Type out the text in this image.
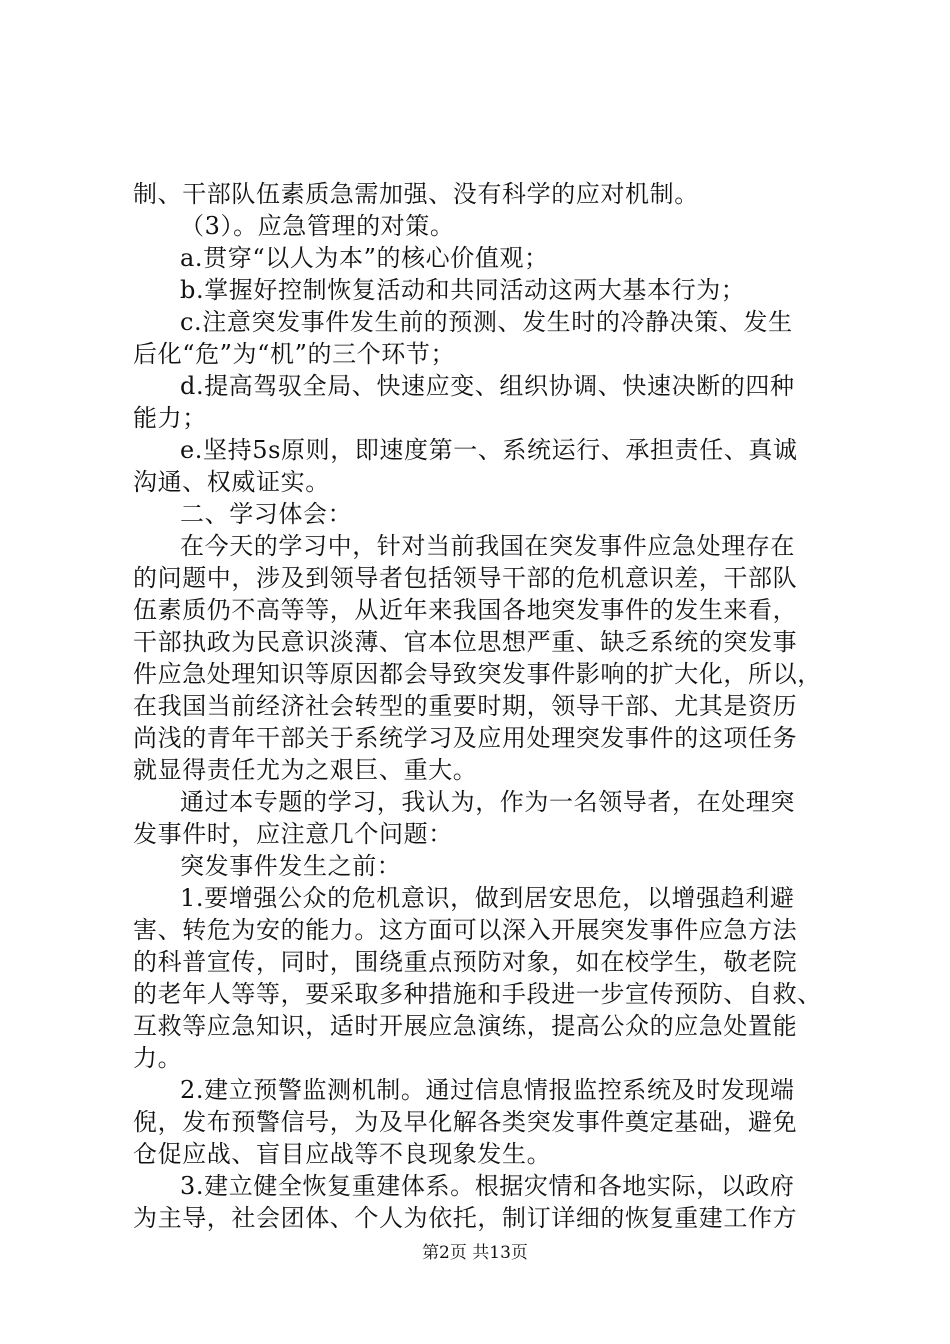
制、干部队伍素质急需加强、没有科学的应对机制。
（3）。应急管理的对策。
a.贯穿“以人为本”的核心价值观；
b.掌握好控制恢复活动和共同活动这两大基本行为；
c.注意突发事件发生前的预测、发生时的冷静决策、发生
后化“危”为“机”的三个环节；
d.提高驾驭全局、快速应变、组织协调、快速决断的四种
能力；
e.坚持5s原则，即速度第一、系统运行、承担责任、真诚
沟通、权威证实。
二、学习体会：
在今天的学习中，针对当前我国在突发事件应急处理存在
的问题中，涉及到领导者包括领导干部的危机意识差，干部队
伍素质仍不高等等，从近年来我国各地突发事件的发生来看，
干部执政为民意识淡薄、官本位思想严重、缺乏系统的突发事
件应急处理知识等原因都会导致突发事件影响的扩大化，所以，
在我国当前经济社会转型的重要时期，领导干部、尤其是资历
尚浅的青年干部关于系统学习及应用处理突发事件的这项任务
就显得责任尤为之艰巨、重大。
通过本专题的学习，我认为，作为一名领导者，在处理突
发事件时，应注意几个问题：
突发事件发生之前：
1.要增强公众的危机意识，做到居安思危，以增强趋利避
害、转危为安的能力。这方面可以深入开展突发事件应急方法
的科普宣传，同时，围绕重点预防对象，如在校学生，敬老院
的老年人等等，要采取多种措施和手段进一步宣传预防、自救、
互救等应急知识，适时开展应急演练，提高公众的应急处置能
力。
2.建立预警监测机制。通过信息情报监控系统及时发现端
倪，发布预警信号，为及早化解各类突发事件奠定基础，避免
仓促应战、盲目应战等不良现象发生。
3.建立健全恢复重建体系。根据灾情和各地实际，以政府
为主导，社会团体、个人为依托，制订详细的恢复重建工作方
第2页 共13页
